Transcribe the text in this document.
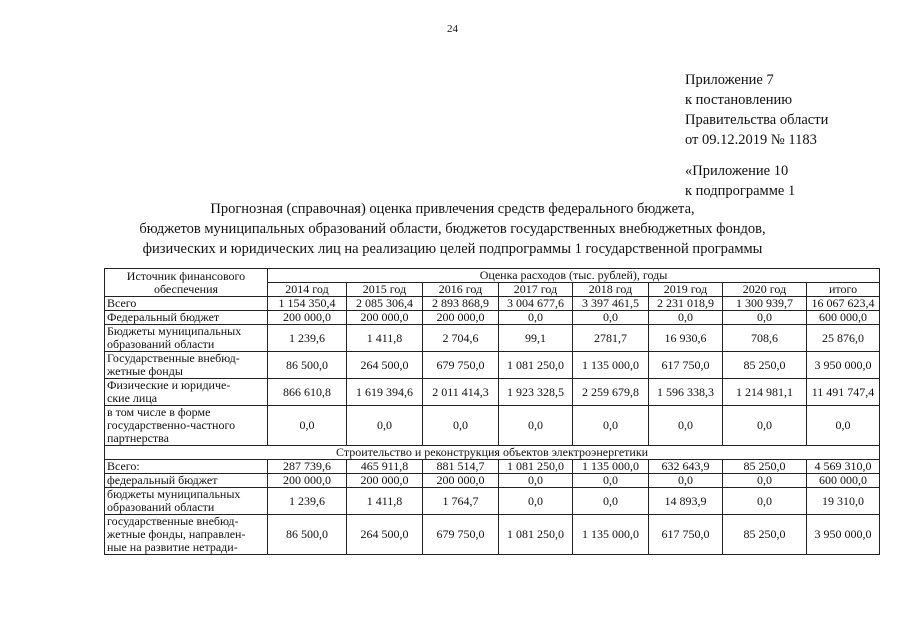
24
Приложение 7
к постановлению
Правительства области
от 09.12.2019 № 1183
«Приложение 10
к подпрограмме 1
Прогнозная (справочная) оценка привлечения средств федерального бюджета,
бюджетов муниципальных образований области, бюджетов государственных внебюджетных фондов,
физических и юридических лиц на реализацию целей подпрограммы 1 государственной программы
Источник финансового
обеспечения	Оценка расходов (тыс. рублей), годы							
	2014 год	2015 год	2016 год	2017 год	2018 год	2019 год	2020 год	итого

Всего	1 154 350,4	2 085 306,4	2 893 868,9	3 004 677,6	3 397 461,5	2 231 018,9	1 300 939,7	16 067 623,4

Федеральный бюджет	200 000,0	200 000,0	200 000,0	0,0	0,0	0,0	0,0	600 000,0

Бюджеты муниципальных
образований области	1 239,6	1 411,8	2 704,6	99,1	2781,7	16 930,6	708,6	25 876,0

Государственные внебюд-
жетные фонды	86 500,0	264 500,0	679 750,0	1 081 250,0	1 135 000,0	617 750,0	85 250,0	3 950 000,0

Физические и юридиче-
ские лица	866 610,8	1 619 394,6	2 011 414,3	1 923 328,5	2 259 679,8	1 596 338,3	1 214 981,1	11 491 747,4

в том числе в форме
государственно-частного
партнерства	0,0	0,0	0,0	0,0	0,0	0,0	0,0	0,0
Строительство и реконструкция объектов электроэнергетики								

Всего:	287 739,6	465 911,8	881 514,7	1 081 250,0	1 135 000,0	632 643,9	85 250,0	4 569 310,0

федеральный бюджет	200 000,0	200 000,0	200 000,0	0,0	0,0	0,0	0,0	600 000,0

бюджеты муниципальных
образований области	1 239,6	1 411,8	1 764,7	0,0	0,0	14 893,9	0,0	19 310,0

государственные внебюд-
жетные фонды, направлен-
ные на развитие нетради-	86 500,0	264 500,0	679 750,0	1 081 250,0	1 135 000,0	617 750,0	85 250,0	3 950 000,0
